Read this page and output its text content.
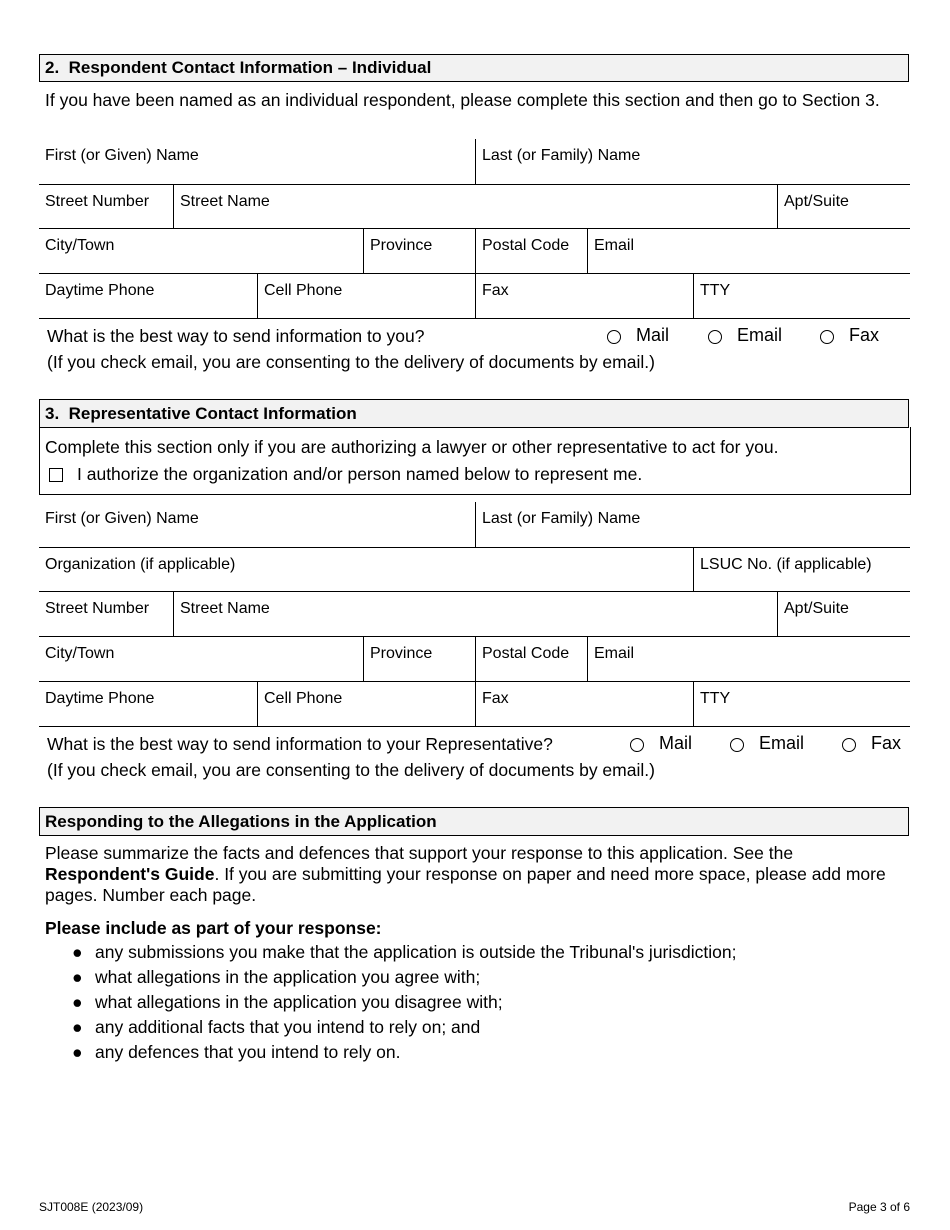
2.  Respondent Contact Information – Individual
If you have been named as an individual respondent, please complete this section and then go to Section 3.
First (or Given) Name	Last (or Family) Name
Street Number	Street Name	Apt/Suite
City/Town	Province	Postal Code	Email
Daytime Phone	Cell Phone	Fax	TTY
What is the best way to send information to you?	Mail	Email	Fax
(If you check email, you are consenting to the delivery of documents by email.)
3.  Representative Contact Information
Complete this section only if you are authorizing a lawyer or other representative to act for you.
I authorize the organization and/or person named below to represent me.
First (or Given) Name	Last (or Family) Name
Organization (if applicable)	LSUC No. (if applicable)
Street Number	Street Name	Apt/Suite
City/Town	Province	Postal Code	Email
Daytime Phone	Cell Phone	Fax	TTY
What is the best way to send information to your Representative?	Mail	Email	Fax
(If you check email, you are consenting to the delivery of documents by email.)
Responding to the Allegations in the Application
Please summarize the facts and defences that support your response to this application. See the Respondent's Guide. If you are submitting your response on paper and need more space, please add more pages. Number each page.
Please include as part of your response:
● any submissions you make that the application is outside the Tribunal's jurisdiction;
● what allegations in the application you agree with;
● what allegations in the application you disagree with;
● any additional facts that you intend to rely on; and
● any defences that you intend to rely on.
SJT008E (2023/09)	Page 3 of 6
